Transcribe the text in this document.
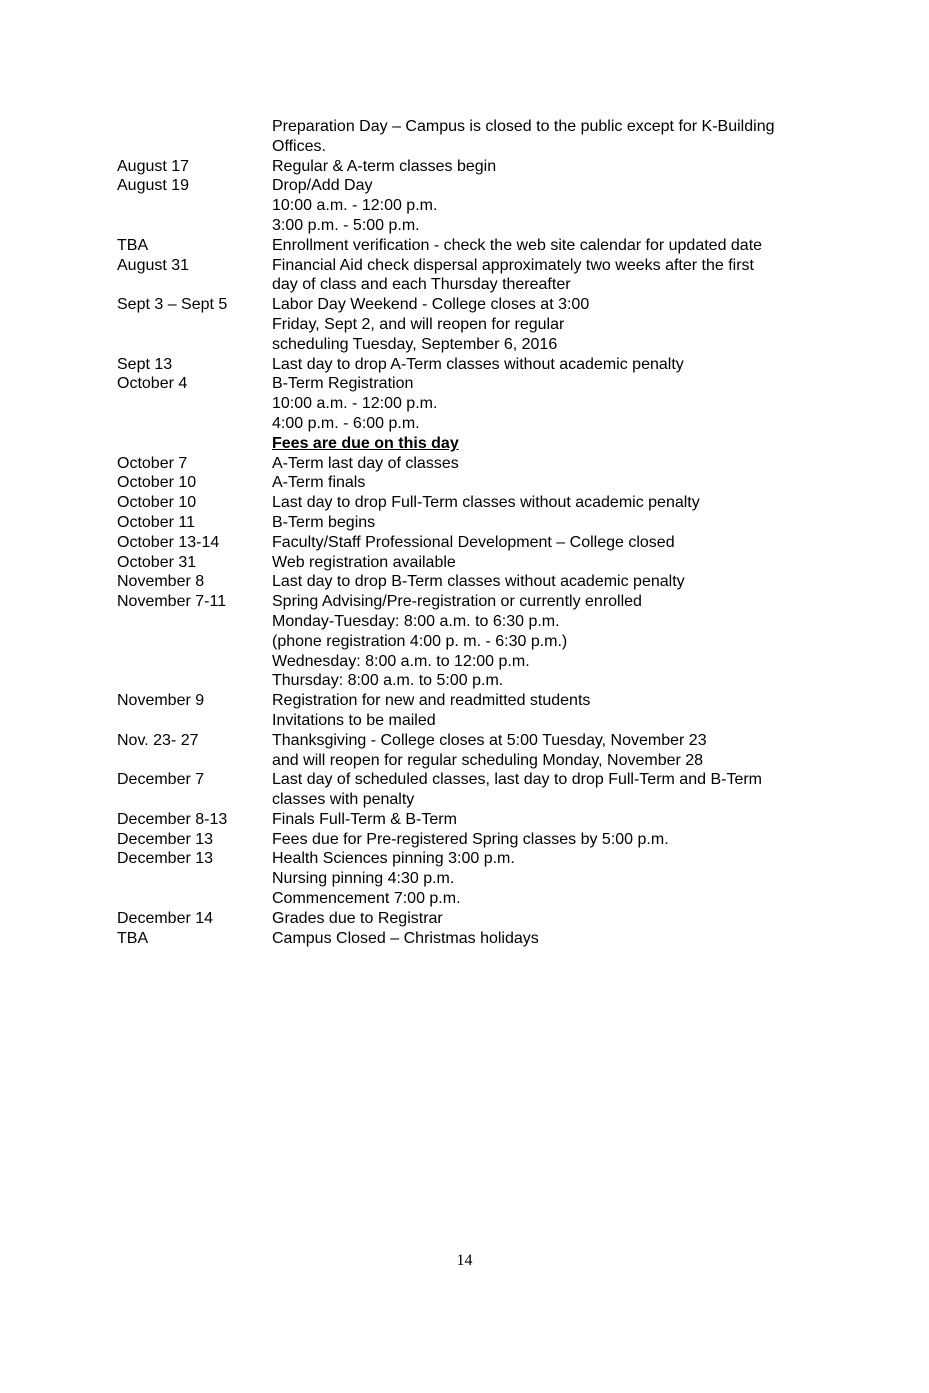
Preparation Day – Campus is closed to the public except for K-Building
Offices.
August 17	Regular & A-term classes begin
August 19	Drop/Add Day
10:00 a.m. - 12:00 p.m.
3:00 p.m. - 5:00 p.m.
TBA	Enrollment verification - check the web site calendar for updated date
August 31	Financial Aid check dispersal approximately two weeks after the first
day of class and each Thursday thereafter
Sept 3 – Sept 5	Labor Day Weekend - College closes at 3:00
Friday, Sept 2, and will reopen for regular
scheduling Tuesday, September 6, 2016
Sept 13	Last day to drop A-Term classes without academic penalty
October 4	B-Term Registration
10:00 a.m. - 12:00 p.m.
4:00 p.m. - 6:00 p.m.
Fees are due on this day
October 7	A-Term last day of classes
October 10	A-Term finals
October 10	Last day to drop Full-Term classes without academic penalty
October 11	B-Term begins
October 13-14	Faculty/Staff Professional Development – College closed
October 31	Web registration available
November 8	Last day to drop B-Term classes without academic penalty
November 7-11	Spring Advising/Pre-registration or currently enrolled
Monday-Tuesday: 8:00 a.m. to 6:30 p.m.
(phone registration 4:00 p. m. - 6:30 p.m.)
Wednesday: 8:00 a.m. to 12:00 p.m.
Thursday: 8:00 a.m. to 5:00 p.m.
November 9	Registration for new and readmitted students
Invitations to be mailed
Nov. 23- 27	Thanksgiving - College closes at 5:00 Tuesday, November 23
and will reopen for regular scheduling Monday, November 28
December 7	Last day of scheduled classes, last day to drop Full-Term and B-Term
classes with penalty
December 8-13	Finals Full-Term & B-Term
December 13	Fees due for Pre-registered Spring classes by 5:00 p.m.
December 13	Health Sciences pinning 3:00 p.m.
Nursing pinning 4:30 p.m.
Commencement 7:00 p.m.
December 14	Grades due to Registrar
TBA	Campus Closed – Christmas holidays
14
